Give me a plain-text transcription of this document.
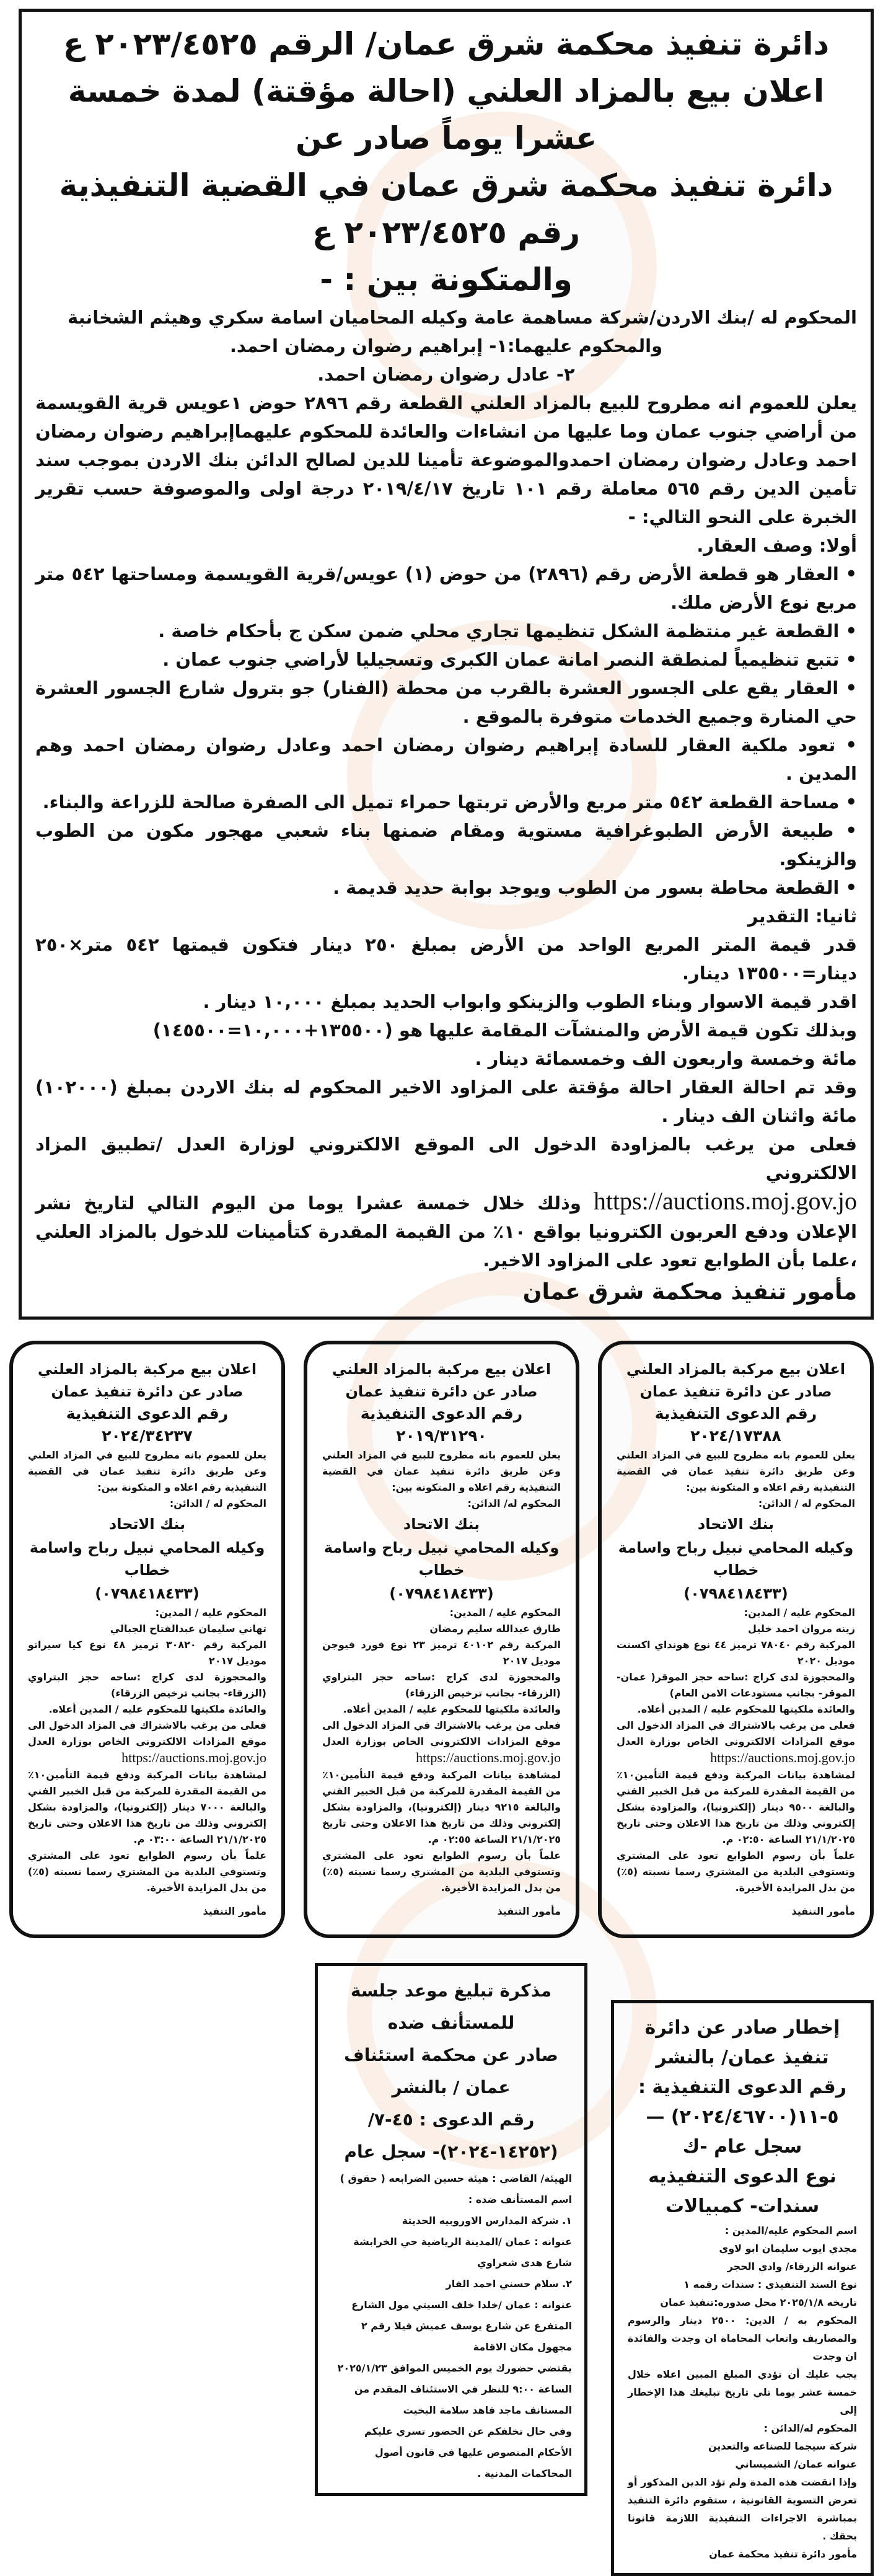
دائرة تنفيذ محكمة شرق عمان/ الرقم ٢٠٢٣/٤٥٢٥ ع

اعلان بيع بالمزاد العلني (احالة مؤقتة) لمدة خمسة عشرا يوماً صادر عن

دائرة تنفيذ محكمة شرق عمان في القضية التنفيذية رقم ٢٠٢٣/٤٥٢٥ ع

والمتكونة بين : -

المحكوم له /بنك الاردن/شركة مساهمة عامة وكيله المحاميان اسامة سكري وهيثم الشخانبة

والمحكوم عليهما:١- إبراهيم رضوان رمضان احمد.

٢- عادل رضوان رمضان احمد.

يعلن للعموم انه مطروح للبيع بالمزاد العلني القطعة رقم ٢٨٩٦ حوض ١عويس قرية القويسمة من أراضي جنوب عمان وما عليها من انشاءات والعائدة للمحكوم عليهماإبراهيم رضوان رمضان احمد وعادل رضوان رمضان احمدوالموضوعة تأمينا للدين لصالح الدائن بنك الاردن بموجب سند تأمين الدين رقم ٥٦٥ معاملة رقم ١٠١ تاريخ ٢٠١٩/٤/١٧ درجة اولى والموصوفة حسب تقرير الخبرة على النحو التالي: -

أولا: وصف العقار.

• العقار هو قطعة الأرض رقم (٢٨٩٦) من حوض (١) عويس/قرية القويسمة ومساحتها ٥٤٢ متر مربع نوع الأرض ملك.

• القطعة غير منتظمة الشكل تنظيمها تجاري محلي ضمن سكن ج بأحكام خاصة .

• تتبع تنظيمياً لمنطقة النصر امانة عمان الكبرى وتسجيليا لأراضي جنوب عمان .

• العقار يقع على الجسور العشرة بالقرب من محطة (الفنار) جو بترول شارع الجسور العشرة حي المنارة وجميع الخدمات متوفرة بالموقع .

• تعود ملكية العقار للسادة إبراهيم رضوان رمضان احمد وعادل رضوان رمضان احمد وهم المدين .

• مساحة القطعة ٥٤٢ متر مربع والأرض تربتها حمراء تميل الى الصفرة صالحة للزراعة والبناء.

• طبيعة الأرض الطبوغرافية مستوية ومقام ضمنها بناء شعبي مهجور مكون من الطوب والزينكو.

• القطعة محاطة بسور من الطوب ويوجد بوابة حديد قديمة .

ثانيا: التقدير

قدر قيمة المتر المربع الواحد من الأرض بمبلغ ٢٥٠ دينار فتكون قيمتها ٥٤٢ متر×٢٥٠ دينار=١٣٥٥٠٠ دينار.

اقدر قيمة الاسوار وبناء الطوب والزينكو وابواب الحديد بمبلغ ١٠,٠٠٠ دينار .

وبذلك تكون قيمة الأرض والمنشآت المقامة عليها هو (١٣٥٥٠٠+١٠,٠٠٠=١٤٥٥٠٠)

مائة وخمسة واربعون الف وخمسمائة دينار .

وقد تم احالة العقار احالة مؤقتة على المزاود الاخير المحكوم له بنك الاردن بمبلغ (١٠٢٠٠٠) مائة واثنان الف دينار .

فعلى من يرغب بالمزاودة الدخول الى الموقع الالكتروني لوزارة العدل /تطبيق المزاد الالكتروني

https://auctions.moj.gov.jo وذلك خلال خمسة عشرا يوما من اليوم التالي لتاريخ نشر الإعلان ودفع العربون الكترونيا بواقع ١٠٪ من القيمة المقدرة كتأمينات للدخول بالمزاد العلني ،علما بأن الطوابع تعود على المزاود الاخير.

مأمور تنفيذ محكمة شرق عمان

اعلان بيع مركبة بالمزاد العلني

صادر عن دائرة تنفيذ عمان

رقم الدعوى التنفيذية ٢٠٢٤/١٧٣٨٨

يعلن للعموم بانه مطروح للبيع في المزاد العلني وعن طريق دائرة تنفيذ عمان في القضية التنفيذية رقم اعلاه و المتكونة بين:

المحكوم له / الدائن:

بنك الاتحاد

وكيله المحامي نبيل رباح واسامة خطاب

(٠٧٩٨٤١٨٤٣٣)

المحكوم عليه / المدين:

زينه مروان احمد خليل

المركبة رقم ٧٨٠٤٠ ترميز ٤٤ نوع هونداي اكسنت موديل ٢٠٢٠

والمحجوزة لدى كراج :ساحه حجز الموقر( عمان- الموقر- بجانب مستودعات الامن العام)

والعائدة ملكيتها للمحكوم عليه / المدين أعلاه.

فعلى من يرغب بالاشتراك في المزاد الدخول الى موقع المزادات الالكتروني الخاص بوزارة العدل https://auctions.moj.gov.jo

لمشاهدة بيانات المركبة ودفع قيمة التأمين١٠٪ من القيمة المقدرة للمركبة من قبل الخبير الفني والبالغة ٩٥٠٠ دينار (إلكترونيا)، والمزاودة بشكل إلكتروني وذلك من تاريخ هذا الاعلان وحتى تاريخ ٢١/١/٢٠٢٥ الساعة ٠٢:٥٠ م.

علماً بأن رسوم الطوابع تعود على المشتري وتستوفي البلدية من المشتري رسما نسبته (٥٪) من بدل المزايدة الأخيرة.

مأمور التنفيذ

اعلان بيع مركبة بالمزاد العلني

صادر عن دائرة تنفيذ عمان

رقم الدعوى التنفيذية ٢٠١٩/٣١٢٩٠

يعلن للعموم بانه مطروح للبيع في المزاد العلني وعن طريق دائرة تنفيذ عمان في القضية التنفيذية رقم اعلاه و المتكونة بين:

المحكوم له/ الدائن:

بنك الاتحاد

وكيله المحامي نبيل رباح واسامة خطاب

(٠٧٩٨٤١٨٤٣٣)

المحكوم عليه / المدين:

طارق عبدالله سليم رمضان

المركبة رقم ٤٠١٠٢ ترميز ٢٣ نوع فورد فيوجن موديل ٢٠١٧

والمحجوزة لدى كراج :ساحه حجز البتراوي (الزرقاء- بجانب ترخيص الزرقاء)

والعائدة ملكيتها للمحكوم عليه / المدين أعلاه.

فعلى من يرغب بالاشتراك في المزاد الدخول الى موقع المزادات الالكتروني الخاص بوزارة العدل https://auctions.moj.gov.jo

لمشاهدة بيانات المركبة ودفع قيمة التأمين١٠٪ من القيمة المقدرة للمركبة من قبل الخبير الفني والبالغة ٩٢١٥ دينار (إلكترونيا)، والمزاودة بشكل إلكتروني وذلك من تاريخ هذا الاعلان وحتى تاريخ ٢١/١/٢٠٢٥ الساعة ٠٢:٥٥ م.

علماً بأن رسوم الطوابع تعود على المشتري وتستوفي البلدية من المشتري رسما نسبته (٥٪) من بدل المزايدة الأخيرة.

مأمور التنفيذ

اعلان بيع مركبة بالمزاد العلني

صادر عن دائرة تنفيذ عمان

رقم الدعوى التنفيذية ٢٠٢٤/٣٤٢٣٧

يعلن للعموم بانه مطروح للبيع في المزاد العلني وعن طريق دائرة تنفيذ عمان في القضية التنفيذية رقم اعلاه و المتكونة بين:

المحكوم له / الدائن:

بنك الاتحاد

وكيله المحامي نبيل رباح واسامة خطاب

(٠٧٩٨٤١٨٤٣٣)

المحكوم عليه / المدين:

تهاني سليمان عبدالفتاح الجبالي

المركبة رقم ٣٠٨٢٠ ترميز ٤٨ نوع كيا سيراتو موديل ٢٠١٧

والمحجوزة لدى كراج :ساحه حجز البتراوي (الزرقاء- بجانب ترخيص الزرقاء)

والعائدة ملكيتها للمحكوم عليه / المدين أعلاه.

فعلى من يرغب بالاشتراك في المزاد الدخول الى موقع المزادات الالكتروني الخاص بوزارة العدل https://auctions.moj.gov.jo

لمشاهدة بيانات المركبة ودفع قيمة التأمين١٠٪ من القيمة المقدرة للمركبة من قبل الخبير الفني والبالغة ٧٠٠٠ دينار (إلكترونيا)، والمزاودة بشكل إلكتروني وذلك من تاريخ هذا الاعلان وحتى تاريخ ٢١/١/٢٠٢٥ الساعة ٠٣:٠٠ م.

علماً بأن رسوم الطوابع تعود على المشتري وتستوفي البلدية من المشتري رسما نسبته (٥٪) من بدل المزايدة الأخيرة.

مأمور التنفيذ

إخطار صادر عن دائرة

تنفيذ عمان/ بالنشر

رقم الدعوى التنفيذية :

٥-١١(٢٠٢٤/٤٦٧٠٠) —

سجل عام -ك

نوع الدعوى التنفيذيه

سندات- كمبيالات

اسم المحكوم عليه/المدين :

مجدي ايوب سليمان ابو لاوي

عنوانه الزرقاء/ وادي الحجر

نوع السند التنفيذي : سندات رقمه ١

تاريخه ٢٠٢٥/١/٨ محل صدوره:تنفيذ عمان

المحكوم به / الدين: ٢٥٠٠ دينار والرسوم والمصاريف واتعاب المحاماة ان وجدت والفائدة ان وجدت

يجب عليك أن تؤدي المبلغ المبين اعلاه خلال خمسة عشر يوما تلي تاريخ تبليغك هذا الإخطار إلى

المحكوم له/الدائن :

شركة سيجما للصناعه والتعدين

عنوانه عمان/ الشميساني

وإذا انقضت هذه المدة ولم تؤد الدين المذكور أو تعرض التسوية القانونية ، ستقوم دائرة التنفيذ بمباشرة الاجراءات التنفيذية اللازمة قانونا بحقك .

مأمور دائرة تنفيذ محكمة عمان

مذكرة تبليغ موعد جلسة

للمستأنف ضده

صادر عن محكمة استئناف

عمان / بالنشر

رقم الدعوى : ٤٥-٧/

(١٤٢٥٢-٢٠٢٤)- سجل عام

الهيئة/ القاضي : هيئة حسين الضرابعه ( حقوق )

اسم المستأنف ضده :

١. شركة المدارس الاوروبيه الحديثة

عنوانه : عمان /المدينة الرياضية حي الخرابشة شارع هدى شعراوي

٢. سلام حسني احمد الفار

عنوانه : عمان /خلدا خلف السيتي مول الشارع المتفرع عن شارع يوسف عميش فيلا رقم ٢

مجهول مكان الاقامة

يقتضي حضورك يوم الخميس الموافق ٢٠٢٥/١/٢٣ الساعة ٩:٠٠ للنظر في الاستئناف المقدم من المستانف ماجد فاهد سلامة البخيت

وفي حال تخلفكم عن الحضور تسري عليكم الأحكام المنصوص عليها في قانون أصول المحاكمات المدنية .
